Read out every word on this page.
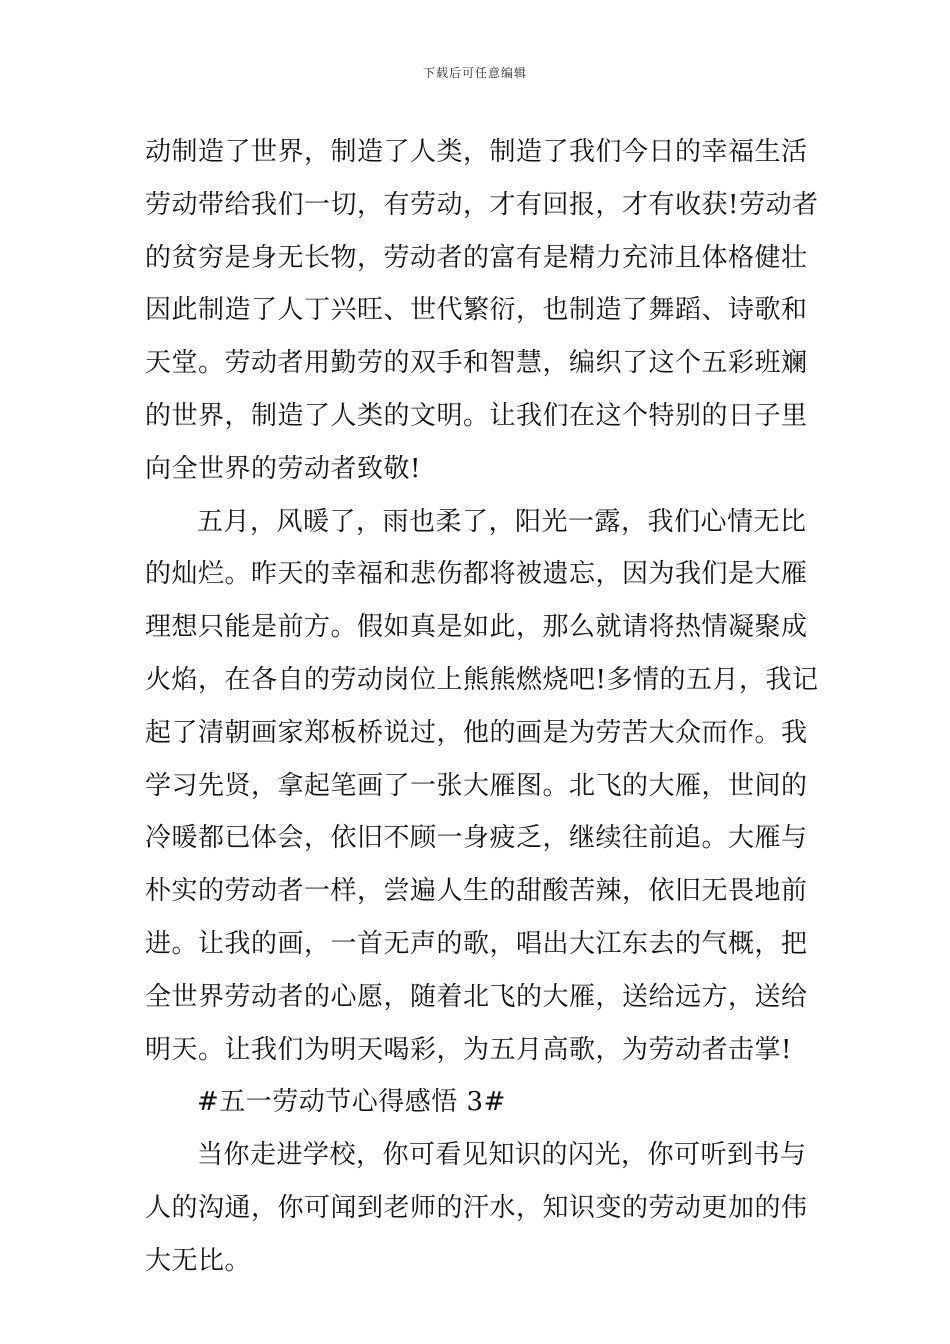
下载后可任意编辑
动制造了世界，制造了人类，制造了我们今日的幸福生活
劳动带给我们一切，有劳动，才有回报，才有收获!劳动者
的贫穷是身无长物，劳动者的富有是精力充沛且体格健壮
因此制造了人丁兴旺、世代繁衍，也制造了舞蹈、诗歌和
天堂。劳动者用勤劳的双手和智慧，编织了这个五彩班斓
的世界，制造了人类的文明。让我们在这个特别的日子里
向全世界的劳动者致敬!
五月，风暖了，雨也柔了，阳光一露，我们心情无比
的灿烂。昨天的幸福和悲伤都将被遗忘，因为我们是大雁
理想只能是前方。假如真是如此，那么就请将热情凝聚成
火焰，在各自的劳动岗位上熊熊燃烧吧!多情的五月，我记
起了清朝画家郑板桥说过，他的画是为劳苦大众而作。我
学习先贤，拿起笔画了一张大雁图。北飞的大雁，世间的
冷暖都已体会，依旧不顾一身疲乏，继续往前追。大雁与
朴实的劳动者一样，尝遍人生的甜酸苦辣，依旧无畏地前
进。让我的画，一首无声的歌，唱出大江东去的气概，把
全世界劳动者的心愿，随着北飞的大雁，送给远方，送给
明天。让我们为明天喝彩，为五月高歌，为劳动者击掌!
#五一劳动节心得感悟 3#
当你走进学校，你可看见知识的闪光，你可听到书与
人的沟通，你可闻到老师的汗水，知识变的劳动更加的伟
大无比。
